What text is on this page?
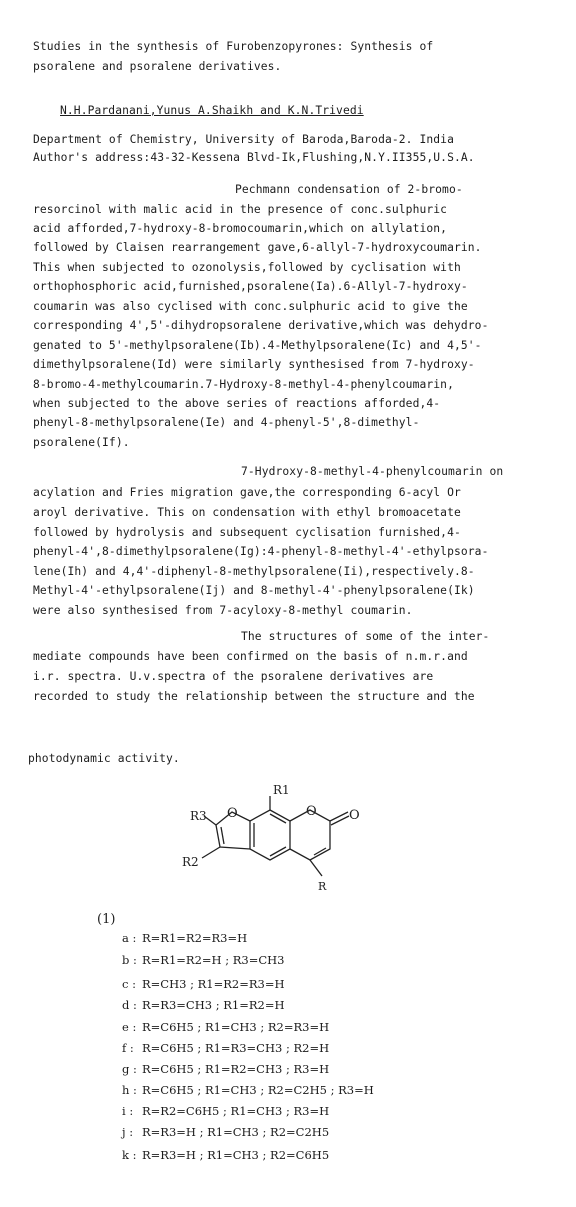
Studies in the synthesis of Furobenzopyrones: Synthesis of
psoralene and psoralene derivatives.
N.H.Pardanani,Yunus A.Shaikh and K.N.Trivedi
Department of Chemistry, University of Baroda,Baroda-2. India
Author's address:43-32-Kessena Blvd-Ik,Flushing,N.Y.II355,U.S.A.
Pechmann condensation of 2-bromo-
resorcinol with malic acid in the presence of conc.sulphuric
acid afforded,7-hydroxy-8-bromocoumarin,which on allylation,
followed by Claisen rearrangement gave,6-allyl-7-hydroxycoumarin.
This when subjected to ozonolysis,followed by cyclisation with
orthophosphoric acid,furnished,psoralene(Ia).6-Allyl-7-hydroxy-
coumarin was also cyclised with conc.sulphuric acid to give the
corresponding 4',5'-dihydropsoralene derivative,which was dehydro-
genated to 5'-methylpsoralene(Ib).4-Methylpsoralene(Ic) and 4,5'-
dimethylpsoralene(Id) were similarly synthesised from 7-hydroxy-
8-bromo-4-methylcoumarin.7-Hydroxy-8-methyl-4-phenylcoumarin,
when subjected to the above series of reactions afforded,4-
phenyl-8-methylpsoralene(Ie) and 4-phenyl-5',8-dimethyl-
psoralene(If).
7-Hydroxy-8-methyl-4-phenylcoumarin on
acylation and Fries migration gave,the corresponding 6-acyl Or
aroyl derivative. This on condensation with ethyl bromoacetate
followed by hydrolysis and subsequent cyclisation furnished,4-
phenyl-4',8-dimethylpsoralene(Ig):4-phenyl-8-methyl-4'-ethylpsora-
lene(Ih) and 4,4'-diphenyl-8-methylpsoralene(Ii),respectively.8-
Methyl-4'-ethylpsoralene(Ij) and 8-methyl-4'-phenylpsoralene(Ik)
were also synthesised from 7-acyloxy-8-methyl coumarin.
The structures of some of the inter-
mediate compounds have been confirmed on the basis of n.m.r.and
i.r. spectra. U.v.spectra of the psoralene derivatives are
recorded to study the relationship between the structure and the
photodynamic activity.
O	O O
R1
R3
R2
R
(1)
a : R=R1=R2=R3=H
b : R=R1=R2=H ; R3=CH3
c : R=CH3 ; R1=R2=R3=H
d : R=R3=CH3 ; R1=R2=H
e : R=C6H5 ; R1=CH3 ; R2=R3=H
f : R=C6H5 ; R1=R3=CH3 ; R2=H
g : R=C6H5 ; R1=R2=CH3 ; R3=H
h : R=C6H5 ; R1=CH3 ; R2=C2H5 ; R3=H
i : R=R2=C6H5 ; R1=CH3 ; R3=H
j : R=R3=H ; R1=CH3 ; R2=C2H5
k : R=R3=H ; R1=CH3 ; R2=C6H5
